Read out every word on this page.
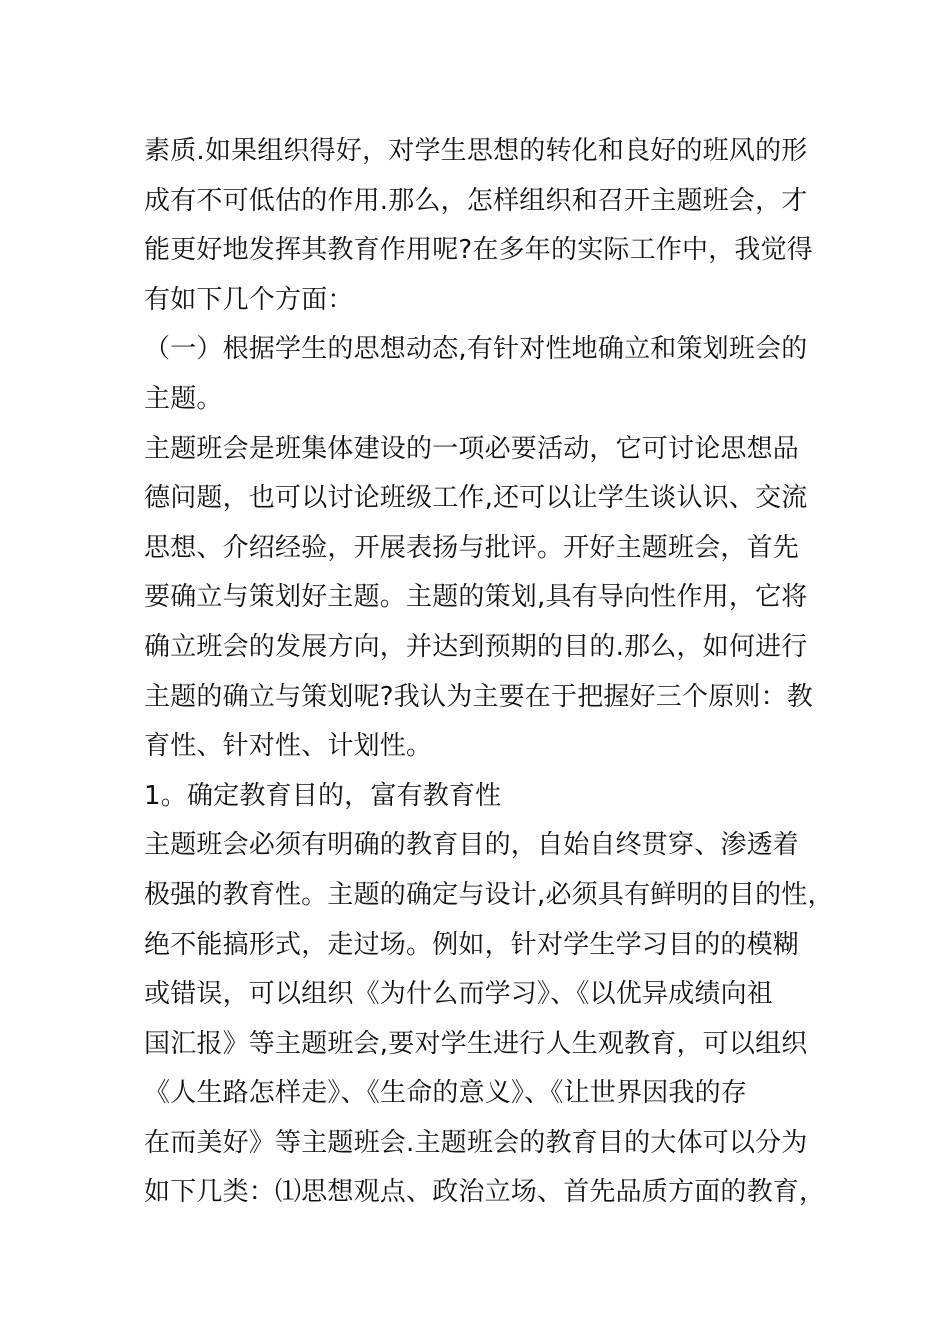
素质.如果组织得好，对学生思想的转化和良好的班风的形
成有不可低估的作用.那么，怎样组织和召开主题班会，才
能更好地发挥其教育作用呢?在多年的实际工作中，我觉得
有如下几个方面：
（一）根据学生的思想动态,有针对性地确立和策划班会的
主题。
主题班会是班集体建设的一项必要活动，它可讨论思想品
德问题，也可以讨论班级工作,还可以让学生谈认识、交流
思想、介绍经验，开展表扬与批评。开好主题班会，首先
要确立与策划好主题。主题的策划,具有导向性作用，它将
确立班会的发展方向，并达到预期的目的.那么，如何进行
主题的确立与策划呢?我认为主要在于把握好三个原则：教
育性、针对性、计划性。
1。确定教育目的，富有教育性
主题班会必须有明确的教育目的，自始自终贯穿、渗透着
极强的教育性。主题的确定与设计,必须具有鲜明的目的性，
绝不能搞形式，走过场。例如，针对学生学习目的的模糊
或错误，可以组织《为什么而学习》、《以优异成绩向祖
国汇报》等主题班会,要对学生进行人生观教育，可以组织
《人生路怎样走》、《生命的意义》、《让世界因我的存
在而美好》等主题班会.主题班会的教育目的大体可以分为
如下几类：⑴思想观点、政治立场、首先品质方面的教育，
